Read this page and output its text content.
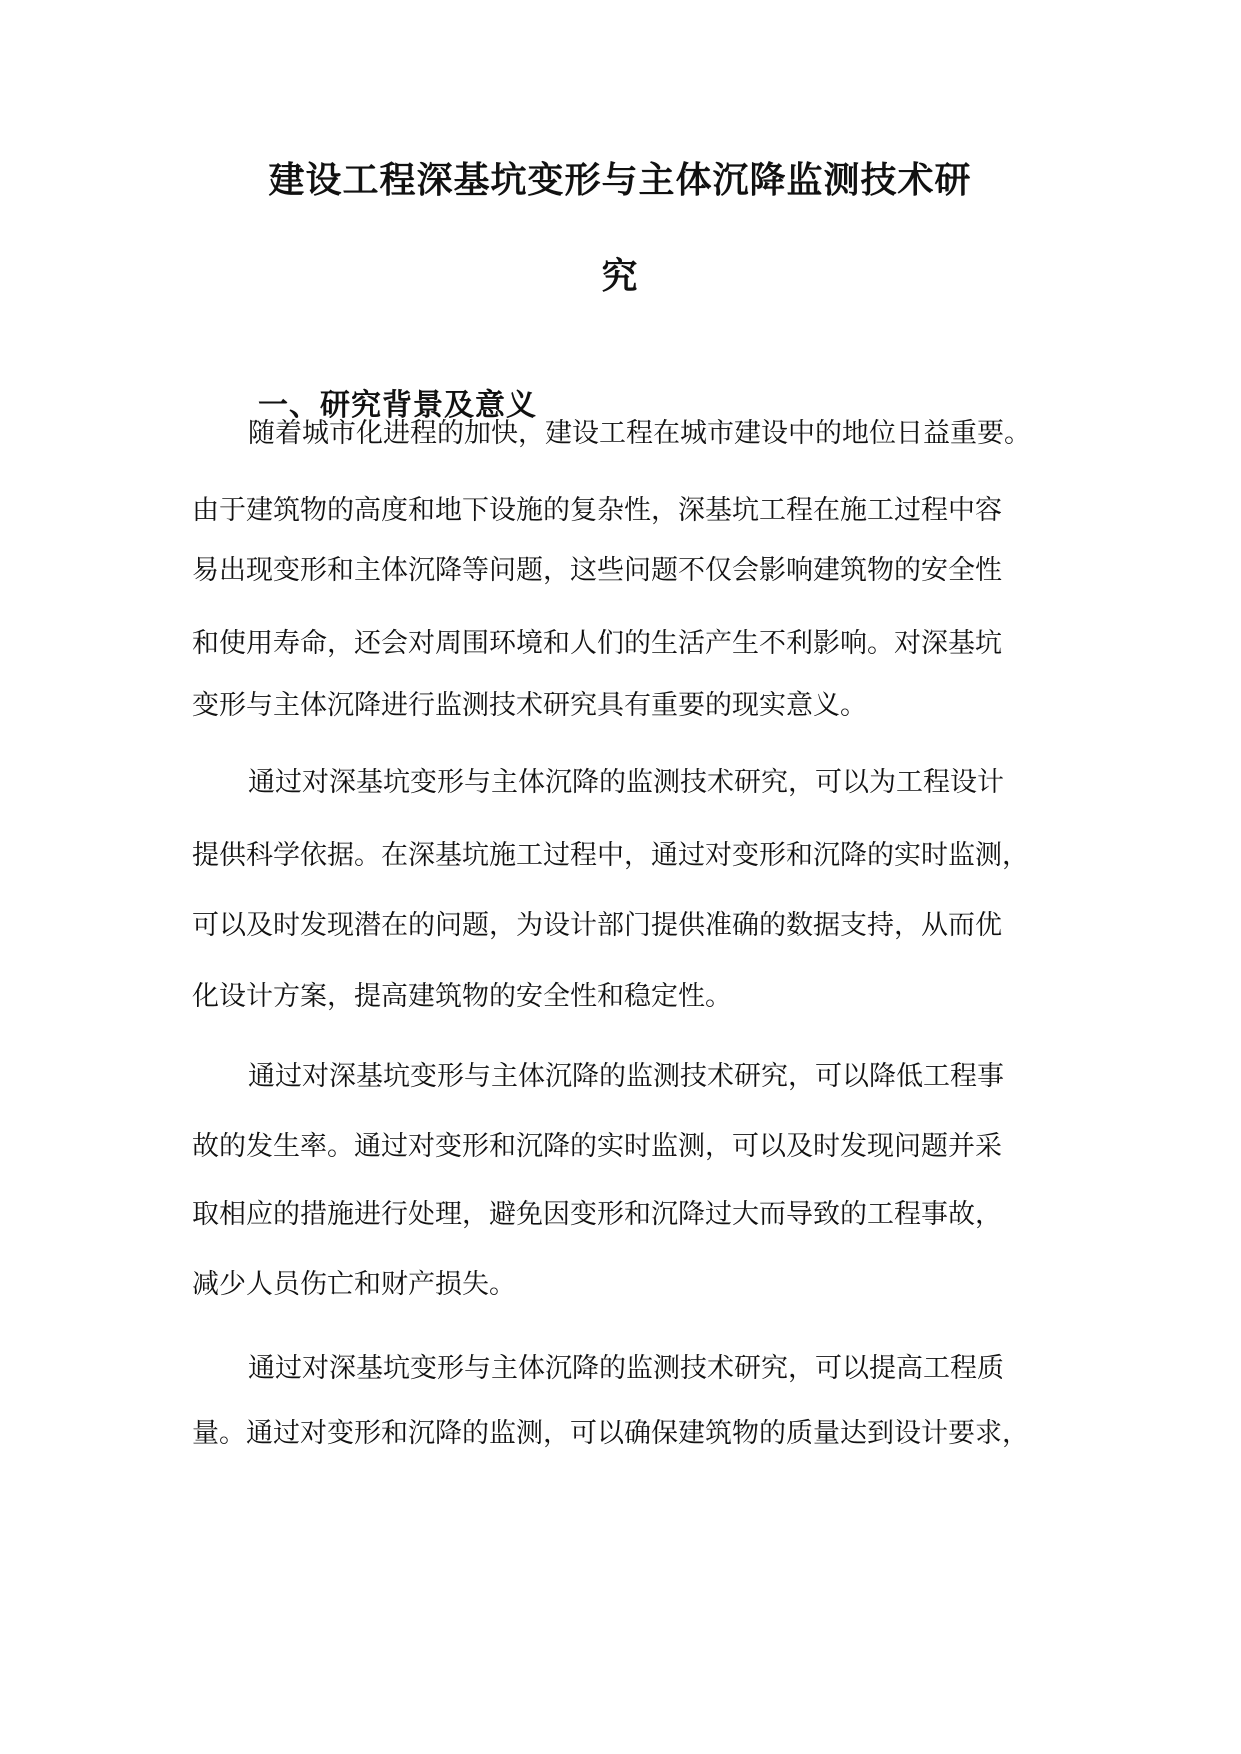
建设工程深基坑变形与主体沉降监测技术研
究
一、研究背景及意义

随着城市化进程的加快，建设工程在城市建设中的地位日益重要。

由于建筑物的高度和地下设施的复杂性，深基坑工程在施工过程中容

易出现变形和主体沉降等问题，这些问题不仅会影响建筑物的安全性

和使用寿命，还会对周围环境和人们的生活产生不利影响。对深基坑

变形与主体沉降进行监测技术研究具有重要的现实意义。

通过对深基坑变形与主体沉降的监测技术研究，可以为工程设计

提供科学依据。在深基坑施工过程中，通过对变形和沉降的实时监测，

可以及时发现潜在的问题，为设计部门提供准确的数据支持，从而优

化设计方案，提高建筑物的安全性和稳定性。

通过对深基坑变形与主体沉降的监测技术研究，可以降低工程事

故的发生率。通过对变形和沉降的实时监测，可以及时发现问题并采

取相应的措施进行处理，避免因变形和沉降过大而导致的工程事故，

减少人员伤亡和财产损失。

通过对深基坑变形与主体沉降的监测技术研究，可以提高工程质

量。通过对变形和沉降的监测，可以确保建筑物的质量达到设计要求，
